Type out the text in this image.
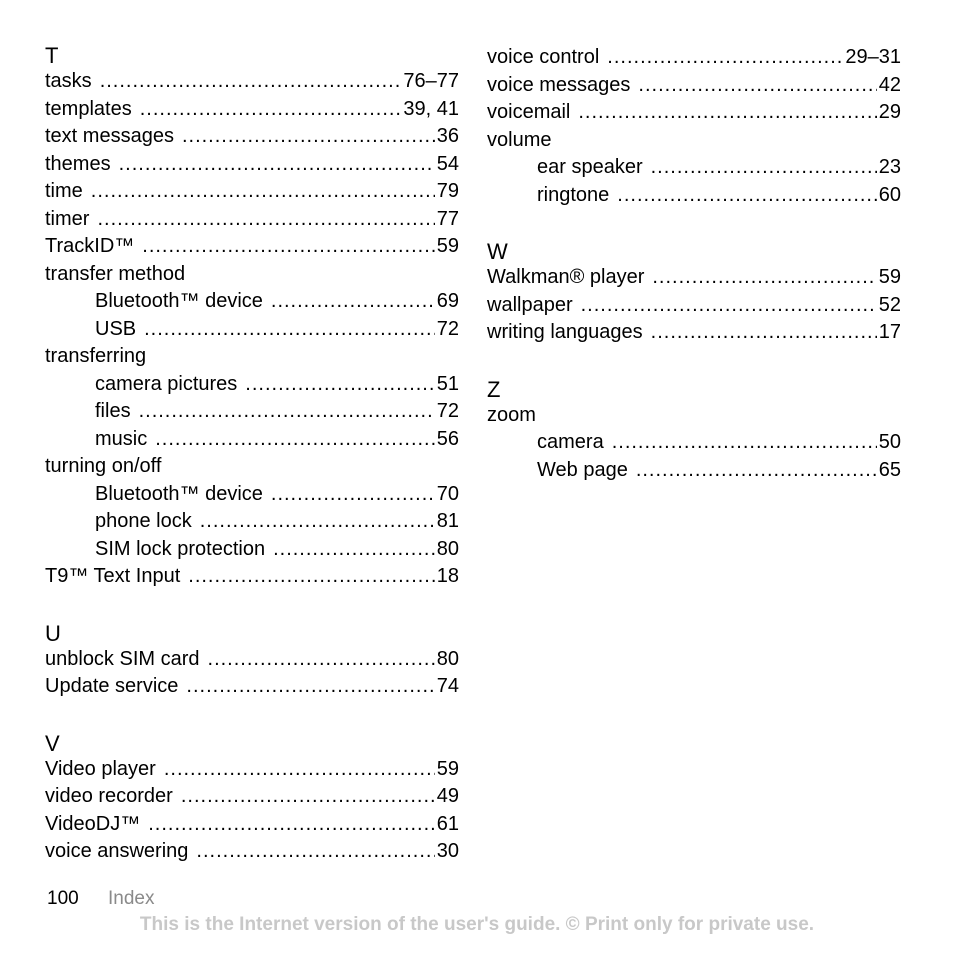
T
tasks .....	76–77
templates .....	39, 41
text messages .....	36
themes .....	54
time .....	79
timer .....	77
TrackID™ .....	59
transfer method
Bluetooth™ device .....	69
USB .....	72
transferring
camera pictures .....	51
files .....	72
music .....	56
turning on/off
Bluetooth™ device .....	70
phone lock .....	81
SIM lock protection .....	80
T9™ Text Input .....	18
U
unblock SIM card .....	80
Update service .....	74
V
Video player .....	59
video recorder .....	49
VideoDJ™ .....	61
voice answering .....	30
voice control .....	29–31
voice messages .....	42
voicemail .....	29
volume
ear speaker .....	23
ringtone .....	60
W
Walkman® player .....	59
wallpaper .....	52
writing languages .....	17
Z
zoom
camera .....	50
Web page .....	65
100 Index
This is the Internet version of the user's guide. © Print only for private use.
